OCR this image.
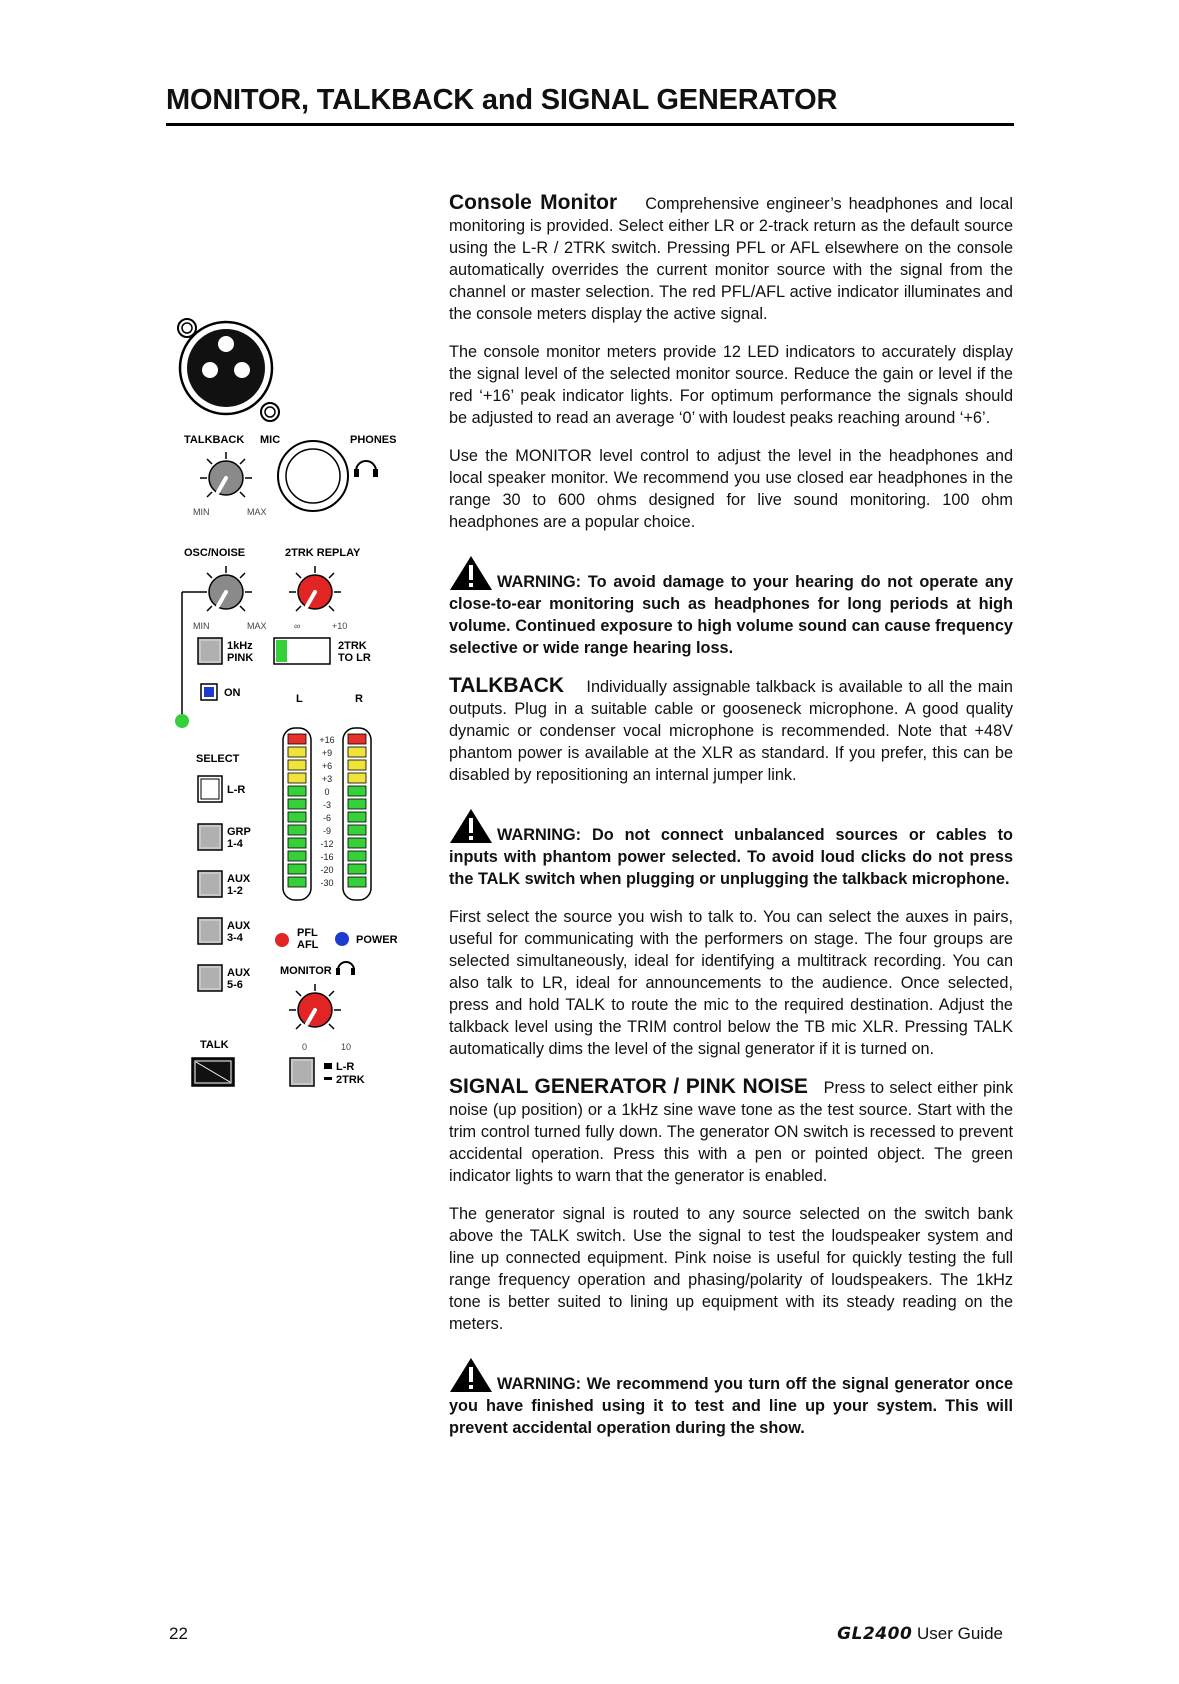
MONITOR, TALKBACK and SIGNAL GENERATOR
TALKBACK MIC	PHONES
MIN	MAX
OSC/NOISE	2TRK REPLAY
MIN	MAX	∞	+10
1kHz
PINK
2TRK
TO LR
ON	L	R
+16
+9
+6
+3
0
-3
-6
-9
-12
-16
-20
-30
SELECT
L-R
GRP
1-4
AUX
1-2
AUX
3-4
AUX
5-6
PFL
AFL	POWER
MONITOR
0	10
TALK
L-R
2TRK

Console Monitor Comprehensive engineer’s headphones and local monitoring is provided. Select either LR or 2-track return as the default source using the L-R / 2TRK switch. Pressing PFL or AFL elsewhere on the console automatically overrides the current monitor source with the signal from the channel or master selection. The red PFL/AFL active indicator illuminates and the console meters display the active signal.

The console monitor meters provide 12 LED indicators to accurately display the signal level of the selected monitor source. Reduce the gain or level if the red ‘+16’ peak indicator lights. For optimum performance the signals should be adjusted to read an average ‘0’ with loudest peaks reaching around ‘+6’.

Use the MONITOR level control to adjust the level in the headphones and local speaker monitor. We recommend you use closed ear headphones in the range 30 to 600 ohms designed for live sound monitoring. 100 ohm headphones are a popular choice.

WARNING: To avoid damage to your hearing do not operate any close-to-ear monitoring such as headphones for long periods at high volume. Continued exposure to high volume sound can cause frequency selective or wide range hearing loss.

TALKBACK Individually assignable talkback is available to all the main outputs. Plug in a suitable cable or gooseneck microphone. A good quality dynamic or condenser vocal microphone is recommended. Note that +48V phantom power is available at the XLR as standard. If you prefer, this can be disabled by repositioning an internal jumper link.

WARNING: Do not connect unbalanced sources or cables to inputs with phantom power selected. To avoid loud clicks do not press the TALK switch when plugging or unplugging the talkback microphone.

First select the source you wish to talk to. You can select the auxes in pairs, useful for communicating with the performers on stage. The four groups are selected simultaneously, ideal for identifying a multitrack recording. You can also talk to LR, ideal for announcements to the audience. Once selected, press and hold TALK to route the mic to the required destination. Adjust the talkback level using the TRIM control below the TB mic XLR. Pressing TALK automatically dims the level of the signal generator if it is turned on.

SIGNAL GENERATOR / PINK NOISE Press to select either pink noise (up position) or a 1kHz sine wave tone as the test source. Start with the trim control turned fully down. The generator ON switch is recessed to prevent accidental operation. Press this with a pen or pointed object. The green indicator lights to warn that the generator is enabled.

The generator signal is routed to any source selected on the switch bank above the TALK switch. Use the signal to test the loudspeaker system and line up connected equipment. Pink noise is useful for quickly testing the full range frequency operation and phasing/polarity of loudspeakers. The 1kHz tone is better suited to lining up equipment with its steady reading on the meters.

WARNING: We recommend you turn off the signal generator once you have finished using it to test and line up your system. This will prevent accidental operation during the show.

22	GL2400 User Guide
